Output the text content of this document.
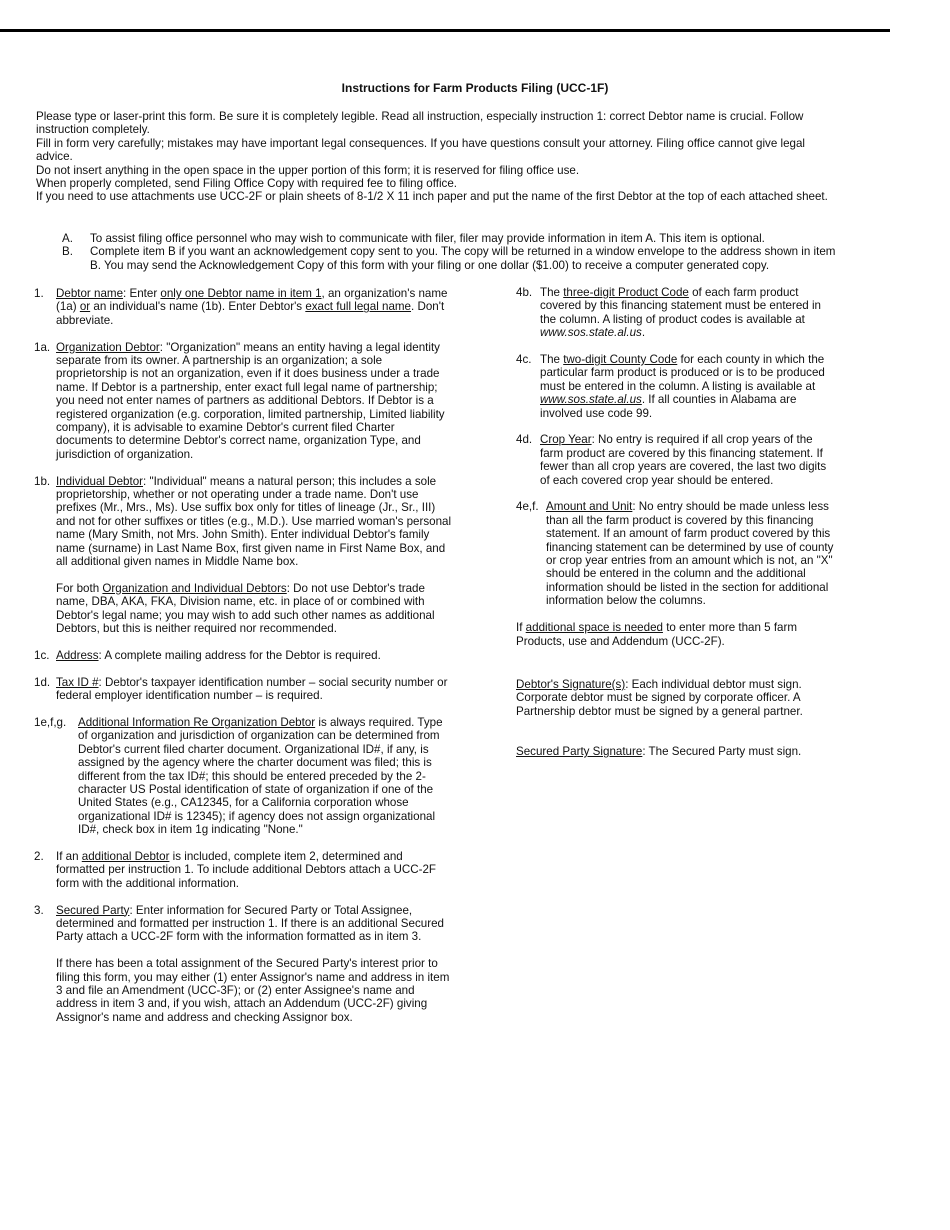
Instructions for Farm Products Filing (UCC-1F)

Please type or laser-print this form. Be sure it is completely legible. Read all instruction, especially instruction 1: correct Debtor name is crucial. Follow instruction completely.

Fill in form very carefully; mistakes may have important legal consequences. If you have questions consult your attorney. Filing office cannot give legal advice.

Do not insert anything in the open space in the upper portion of this form; it is reserved for filing office use.

When properly completed, send Filing Office Copy with required fee to filing office.

If you need to use attachments use UCC-2F or plain sheets of 8-1/2 X 11 inch paper and put the name of the first Debtor at the top of each attached sheet.

A.	To assist filing office personnel who may wish to communicate with filer, filer may provide information in item A. This item is optional.
B.	Complete item B if you want an acknowledgement copy sent to you. The copy will be returned in a window envelope to the address shown in item B. You may send the Acknowledgement Copy of this form with your filing or one dollar ($1.00) to receive a computer generated copy.
1.	Debtor name: Enter only one Debtor name in item 1, an organization's name (1a) or an individual's name (1b). Enter Debtor's exact full legal name. Don't abbreviate.
1a. Organization Debtor: "Organization" means an entity having a legal identity separate from its owner. A partnership is an organization; a sole proprietorship is not an organization, even if it does business under a trade name. If Debtor is a partnership, enter exact full legal name of partnership; you need not enter names of partners as additional Debtors. If Debtor is a registered organization (e.g. corporation, limited partnership, Limited liability company), it is advisable to examine Debtor's current filed Charter documents to determine Debtor's correct name, organization Type, and jurisdiction of organization.
1b. Individual Debtor: "Individual" means a natural person; this includes a sole proprietorship, whether or not operating under a trade name. Don't use prefixes (Mr., Mrs., Ms). Use suffix box only for titles of lineage (Jr., Sr., III) and not for other suffixes or titles (e.g., M.D.). Use married woman's personal name (Mary Smith, not Mrs. John Smith). Enter individual Debtor's family name (surname) in Last Name Box, first given name in First Name Box, and all additional given names in Middle Name box.
For both Organization and Individual Debtors: Do not use Debtor's trade name, DBA, AKA, FKA, Division name, etc. in place of or combined with Debtor's legal name; you may wish to add such other names as additional Debtors, but this is neither required nor recommended.
1c. Address: A complete mailing address for the Debtor is required.
1d. Tax ID #: Debtor's taxpayer identification number – social security number or federal employer identification number – is required.
1e,f,g.	Additional Information Re Organization Debtor is always required. Type of organization and jurisdiction of organization can be determined from Debtor's current filed charter document. Organizational ID#, if any, is assigned by the agency where the charter document was filed; this is different from the tax ID#; this should be entered preceded by the 2-character US Postal identification of state of organization if one of the United States (e.g., CA12345, for a California corporation whose organizational ID# is 12345); if agency does not assign organizational ID#, check box in item 1g indicating "None."
2.	If an additional Debtor is included, complete item 2, determined and formatted per instruction 1. To include additional Debtors attach a UCC-2F form with the additional information.
3.	Secured Party: Enter information for Secured Party or Total Assignee, determined and formatted per instruction 1. If there is an additional Secured Party attach a UCC-2F form with the information formatted as in item 3.
If there has been a total assignment of the Secured Party's interest prior to filing this form, you may either (1) enter Assignor's name and address in item 3 and file an Amendment (UCC-3F); or (2) enter Assignee's name and address in item 3 and, if you wish, attach an Addendum (UCC-2F) giving Assignor's name and address and checking Assignor box.
4b. The three-digit Product Code of each farm product covered by this financing statement must be entered in the column. A listing of product codes is available at www.sos.state.al.us.
4c. The two-digit County Code for each county in which the particular farm product is produced or is to be produced must be entered in the column. A listing is available at www.sos.state.al.us. If all counties in Alabama are involved use code 99.
4d. Crop Year: No entry is required if all crop years of the farm product are covered by this financing statement. If fewer than all crop years are covered, the last two digits of each covered crop year should be entered.
4e,f. Amount and Unit: No entry should be made unless less than all the farm product is covered by this financing statement. If an amount of farm product covered by this financing statement can be determined by use of county or crop year entries from an amount which is not, an "X" should be entered in the column and the additional information should be listed in the section for additional information below the columns.
If additional space is needed to enter more than 5 farm Products, use and Addendum (UCC-2F).
Debtor's Signature(s): Each individual debtor must sign. Corporate debtor must be signed by corporate officer. A Partnership debtor must be signed by a general partner.
Secured Party Signature: The Secured Party must sign.
